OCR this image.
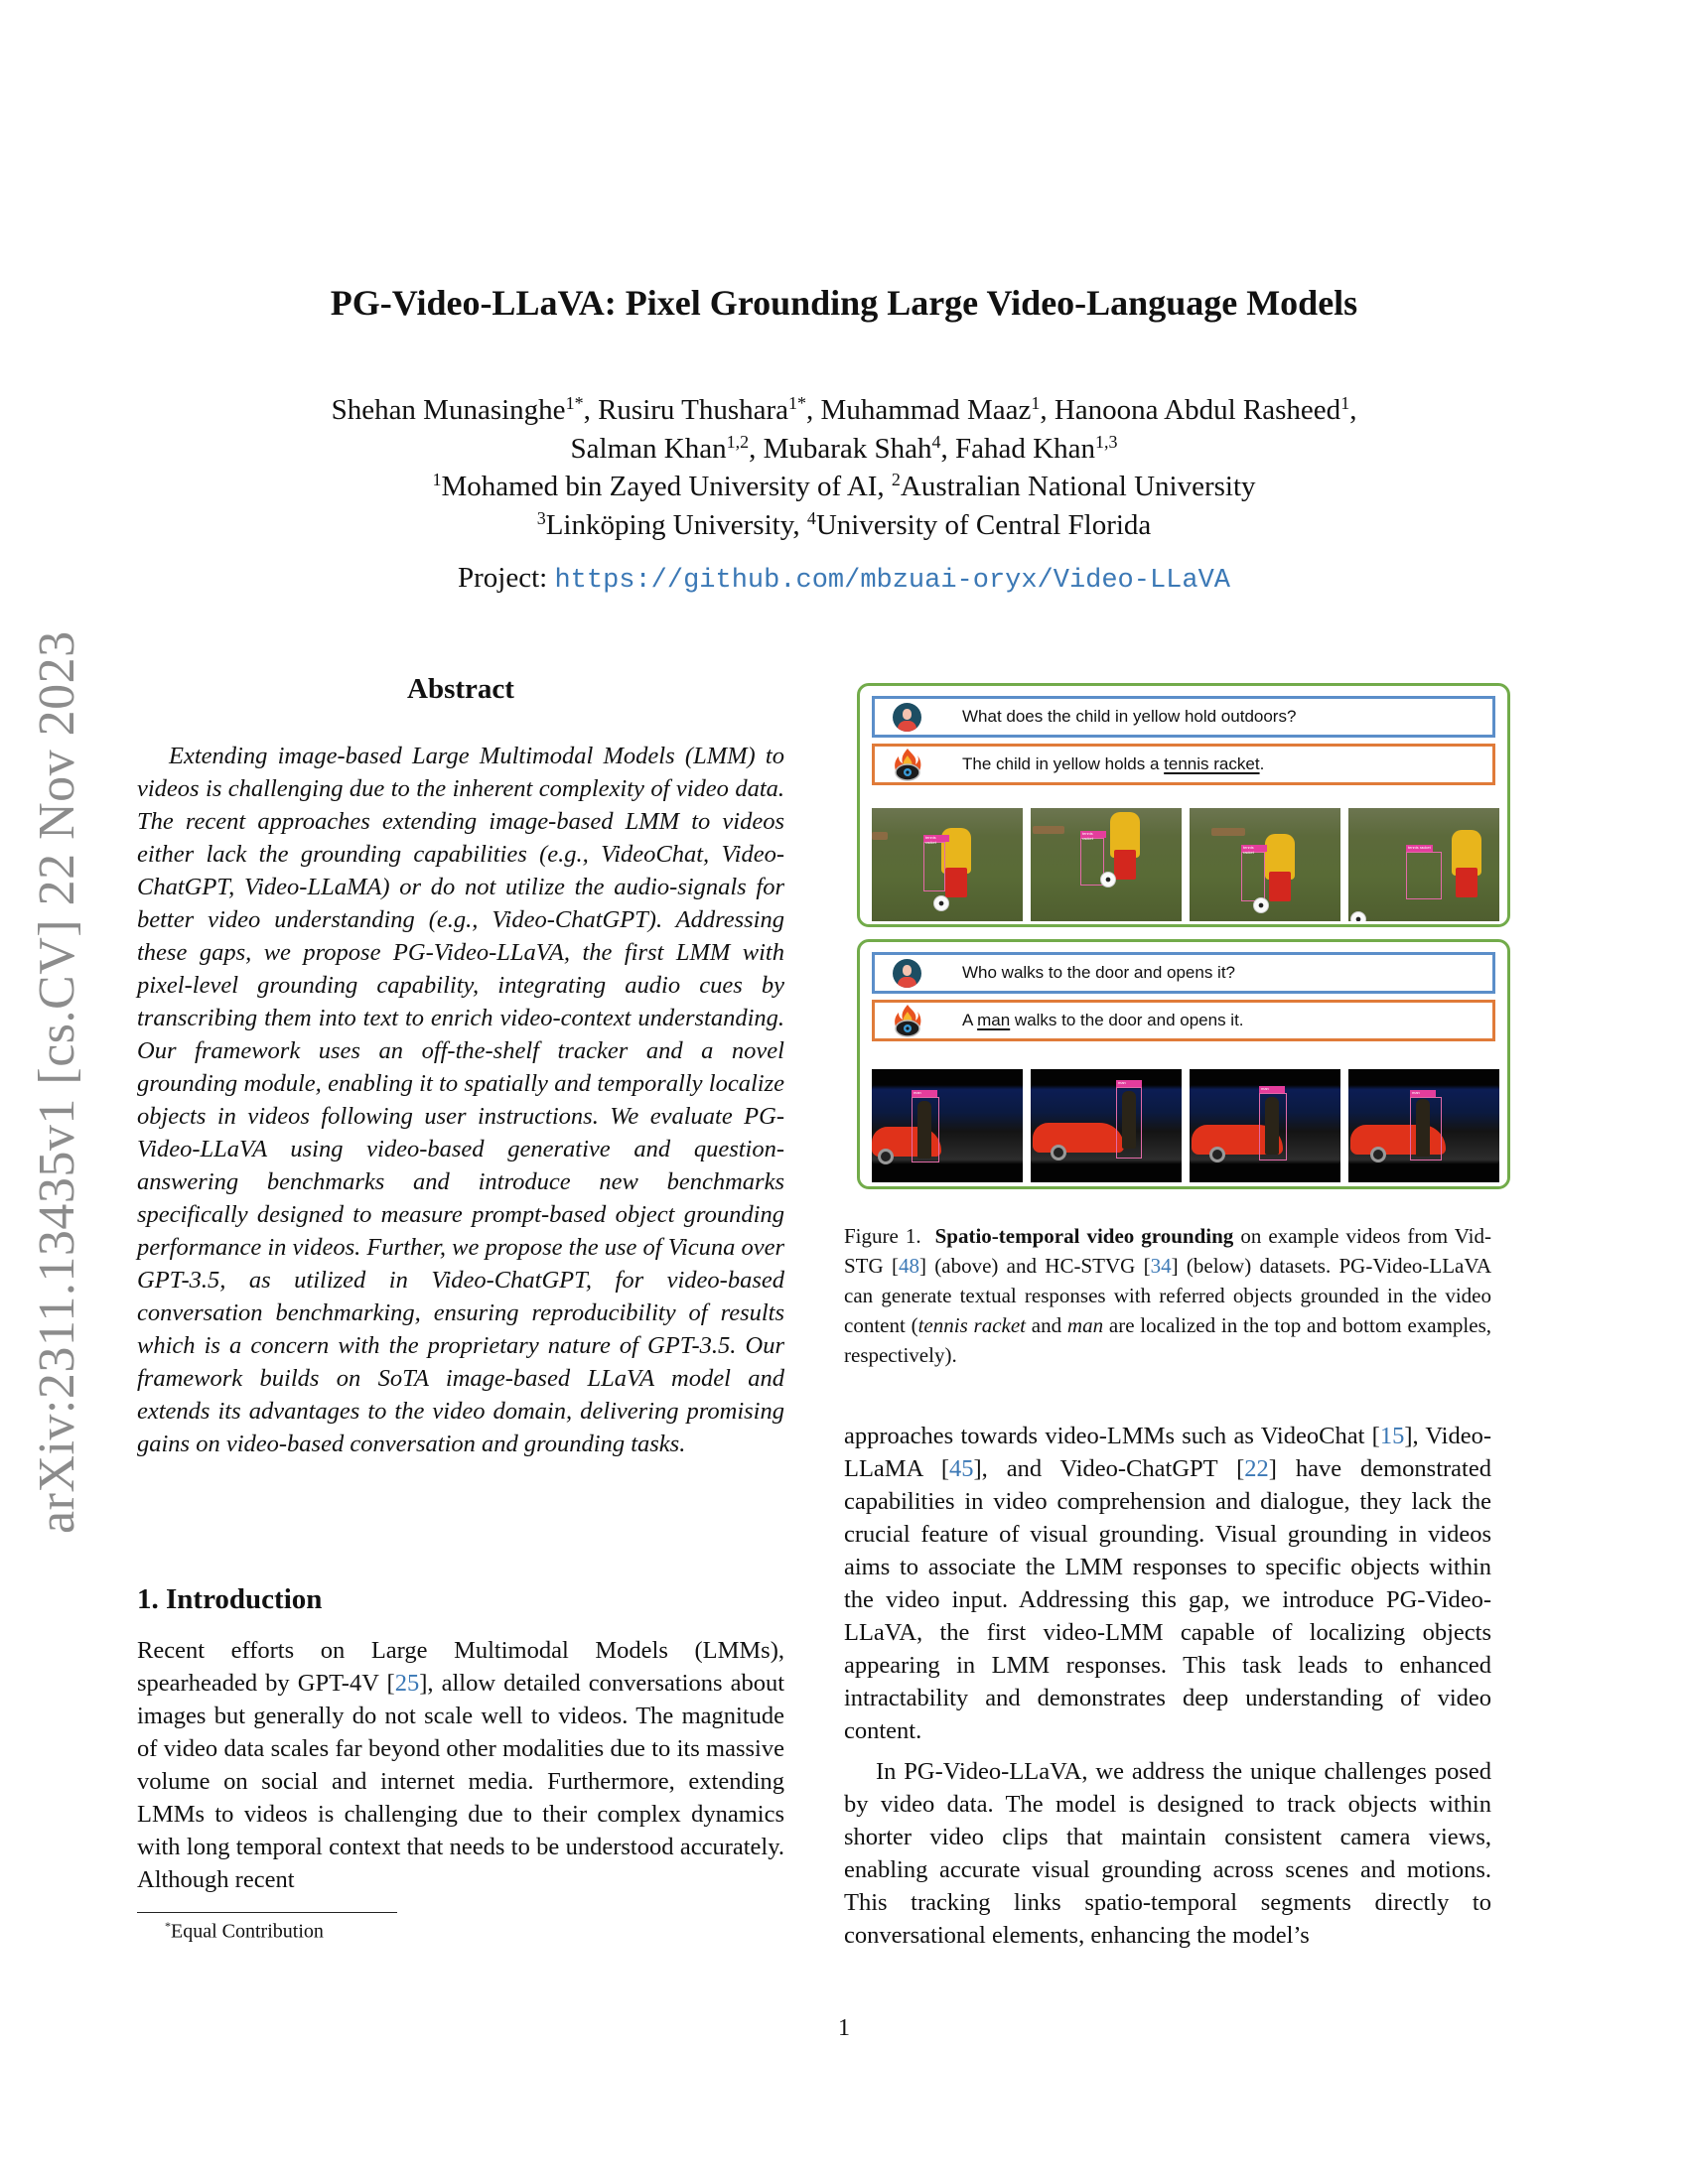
arXiv:2311.13435v1 [cs.CV] 22 Nov 2023
PG-Video-LLaVA: Pixel Grounding Large Video-Language Models
Shehan Munasinghe$^{1*}$, Rusiru Thushara$^{1*}$, Muhammad Maaz$^1$, Hanoona Abdul Rasheed$^1$,
Salman Khan$^{1,2}$, Mubarak Shah$^4$, Fahad Khan$^{1,3}$
$^1$Mohamed bin Zayed University of AI, $^2$Australian National University
$^3$Linköping University, $^4$University of Central Florida
Project: https://github.com/mbzuai-oryx/Video-LLaVA
Abstract
Extending image-based Large Multimodal Models (LMM) to videos is challenging due to the inherent complexity of video data. The recent approaches extending image-based LMM to videos either lack the grounding capabilities (e.g., VideoChat, Video-ChatGPT, Video-LLaMA) or do not utilize the audio-signals for better video understanding (e.g., Video-ChatGPT). Addressing these gaps, we propose PG-Video-LLaVA, the first LMM with pixel-level grounding capability, integrating audio cues by transcribing them into text to enrich video-context understanding. Our framework uses an off-the-shelf tracker and a novel grounding module, enabling it to spatially and temporally localize objects in videos following user instructions. We evaluate PG-Video-LLaVA using video-based generative and question-answering benchmarks and introduce new benchmarks specifically designed to measure prompt-based object grounding performance in videos. Further, we propose the use of Vicuna over GPT-3.5, as utilized in Video-ChatGPT, for video-based conversation benchmarking, ensuring reproducibility of results which is a concern with the proprietary nature of GPT-3.5. Our framework builds on SoTA image-based LLaVA model and extends its advantages to the video domain, delivering promising gains on video-based conversation and grounding tasks.
1. Introduction
Recent efforts on Large Multimodal Models (LMMs), spearheaded by GPT-4V [25], allow detailed conversations about images but generally do not scale well to videos. The magnitude of video data scales far beyond other modalities due to its massive volume on social and internet media. Furthermore, extending LMMs to videos is challenging due to their complex dynamics with long temporal context that needs to be understood accurately. Although recent
*Equal Contribution
What does the child in yellow hold outdoors?
The child in yellow holds a tennis racket.
tennis racket
tennis racket
tennis racket
tennis racket
Who walks to the door and opens it?
A man walks to the door and opens it.
man
man
man
man
Figure 1. Spatio-temporal video grounding on example videos from Vid-STG [48] (above) and HC-STVG [34] (below) datasets. PG-Video-LLaVA can generate textual responses with referred objects grounded in the video content (tennis racket and man are localized in the top and bottom examples, respectively).
approaches towards video-LMMs such as VideoChat [15], Video-LLaMA [45], and Video-ChatGPT [22] have demonstrated capabilities in video comprehension and dialogue, they lack the crucial feature of visual grounding. Visual grounding in videos aims to associate the LMM responses to specific objects within the video input. Addressing this gap, we introduce PG-Video-LLaVA, the first video-LMM capable of localizing objects appearing in LMM responses. This task leads to enhanced intractability and demonstrates deep understanding of video content.
In PG-Video-LLaVA, we address the unique challenges posed by video data. The model is designed to track objects within shorter video clips that maintain consistent camera views, enabling accurate visual grounding across scenes and motions. This tracking links spatio-temporal segments directly to conversational elements, enhancing the model’s
1
